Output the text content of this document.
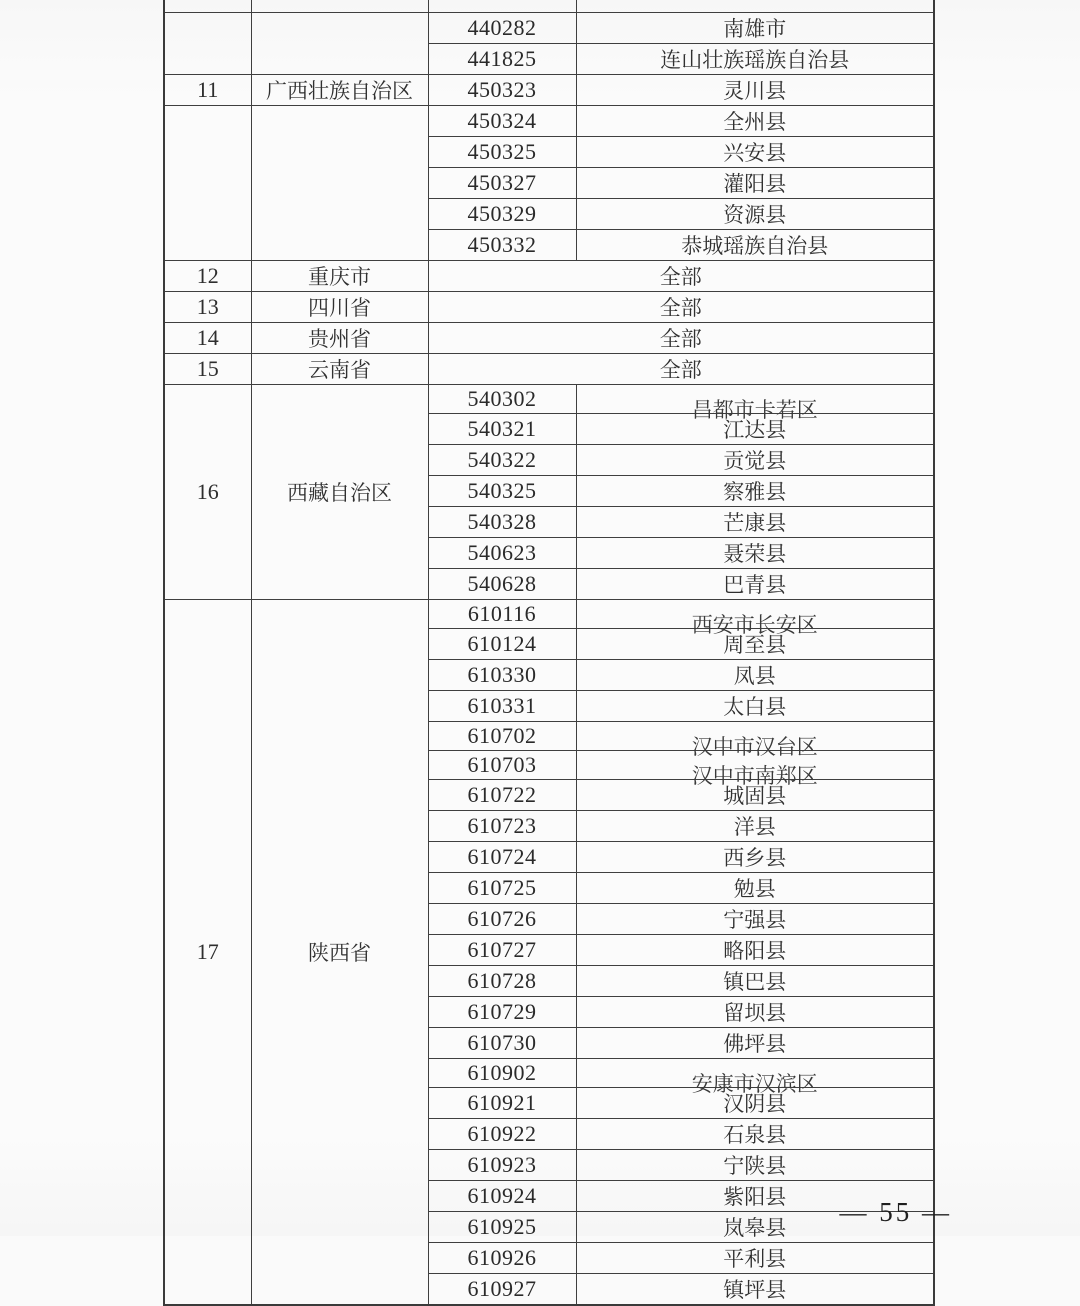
		440282	南雄市
		441825	连山壮族瑶族自治县
11	广西壮族自治区	450323	灵川县
		450324	全州县
		450325	兴安县
		450327	灌阳县
		450329	资源县
		450332	恭城瑶族自治县
12	重庆市	全部	
13	四川省	全部	
14	贵州省	全部	
15	云南省	全部	
16	西藏自治区	540302	昌都市卡若区

		540321	江达县
		540322	贡觉县
		540325	察雅县
		540328	芒康县
		540623	聂荣县
		540628	巴青县
17	陕西省	610116	西安市长安区

		610124	周至县
		610330	凤县
		610331	太白县
		610702	汉中市汉台区

		610703	汉中市南郑区

		610722	城固县
		610723	洋县
		610724	西乡县
		610725	勉县
		610726	宁强县
		610727	略阳县
		610728	镇巴县
		610729	留坝县
		610730	佛坪县
		610902	安康市汉滨区

		610921	汉阴县
		610922	石泉县
		610923	宁陕县
		610924	紫阳县
		610925	岚皋县
		610926	平利县
		610927	镇坪县
— 55 —
